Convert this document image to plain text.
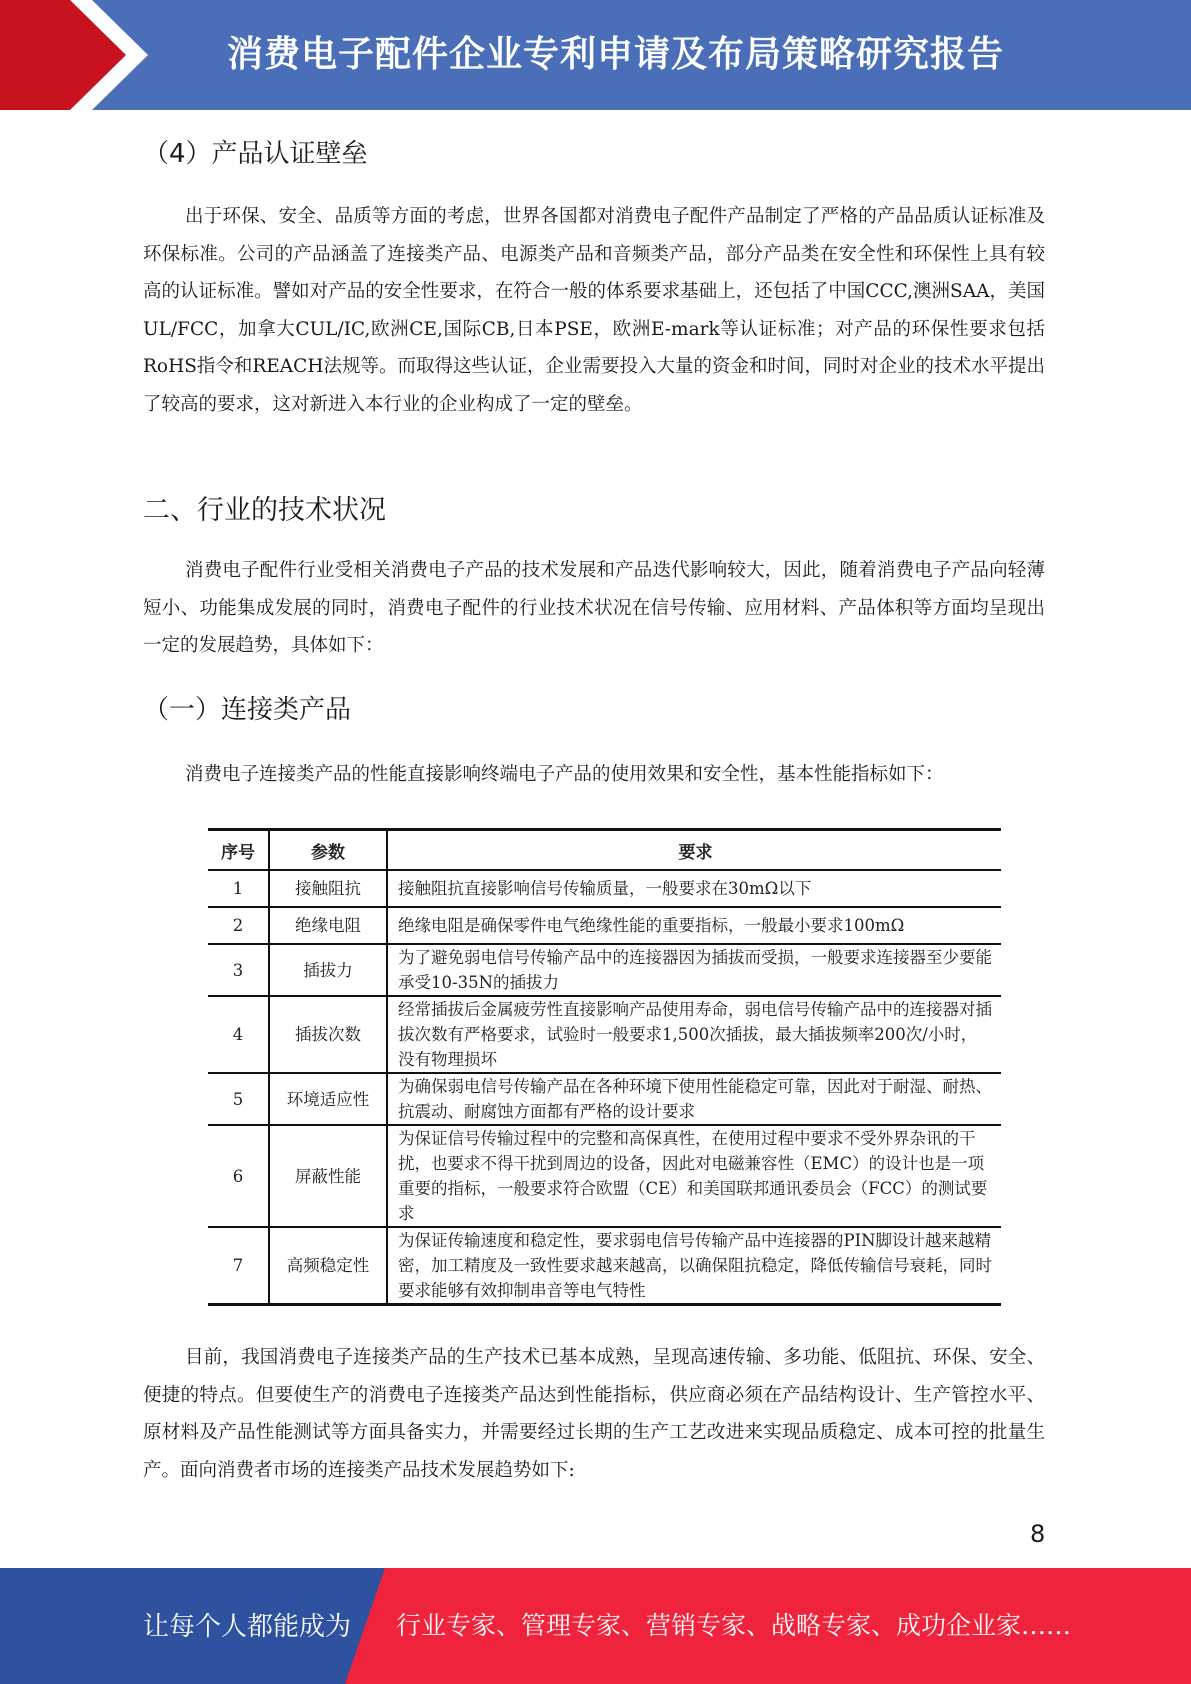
消费电子配件企业专利申请及布局策略研究报告
（4）产品认证壁垒

出于环保、安全、品质等方面的考虑，世界各国都对消费电子配件产品制定了严格的产品品质认证标准及环保标准。公司的产品涵盖了连接类产品、电源类产品和音频类产品，部分产品类在安全性和环保性上具有较高的认证标准。譬如对产品的安全性要求，在符合一般的体系要求基础上，还包括了中国CCC,澳洲SAA，美国UL/FCC，加拿大CUL/IC,欧洲CE,国际CB,日本PSE，欧洲E-mark等认证标准；对产品的环保性要求包括RoHS指令和REACH法规等。而取得这些认证，企业需要投入大量的资金和时间，同时对企业的技术水平提出了较高的要求，这对新进入本行业的企业构成了一定的壁垒。

二、行业的技术状况

消费电子配件行业受相关消费电子产品的技术发展和产品迭代影响较大，因此，随着消费电子产品向轻薄短小、功能集成发展的同时，消费电子配件的行业技术状况在信号传输、应用材料、产品体积等方面均呈现出一定的发展趋势，具体如下：

（一）连接类产品
消费电子连接类产品的性能直接影响终端电子产品的使用效果和安全性，基本性能指标如下：
序号	参数	要求
1	接触阻抗	接触阻抗直接影响信号传输质量，一般要求在30mΩ以下
2	绝缘电阻	绝缘电阻是确保零件电气绝缘性能的重要指标，一般最小要求100mΩ
3	插拔力	为了避免弱电信号传输产品中的连接器因为插拔而受损，一般要求连接器至少要能承受10-35N的插拔力
4	插拔次数	经常插拔后金属疲劳性直接影响产品使用寿命，弱电信号传输产品中的连接器对插拔次数有严格要求，试验时一般要求1,500次插拔，最大插拔频率200次/小时，没有物理损坏
5	环境适应性	为确保弱电信号传输产品在各种环境下使用性能稳定可靠，因此对于耐湿、耐热、抗震动、耐腐蚀方面都有严格的设计要求
6	屏蔽性能	为保证信号传输过程中的完整和高保真性，在使用过程中要求不受外界杂讯的干扰，也要求不得干扰到周边的设备，因此对电磁兼容性（EMC）的设计也是一项重要的指标，一般要求符合欧盟（CE）和美国联邦通讯委员会（FCC）的测试要求
7	高频稳定性	为保证传输速度和稳定性，要求弱电信号传输产品中连接器的PIN脚设计越来越精密，加工精度及一致性要求越来越高，以确保阻抗稳定，降低传输信号衰耗，同时要求能够有效抑制串音等电气特性

目前，我国消费电子连接类产品的生产技术已基本成熟，呈现高速传输、多功能、低阻抗、环保、安全、便捷的特点。但要使生产的消费电子连接类产品达到性能指标，供应商必须在产品结构设计、生产管控水平、原材料及产品性能测试等方面具备实力，并需要经过长期的生产工艺改进来实现品质稳定、成本可控的批量生产。面向消费者市场的连接类产品技术发展趋势如下:

8
让每个人都能成为 行业专家、管理专家、营销专家、战略专家、成功企业家……
